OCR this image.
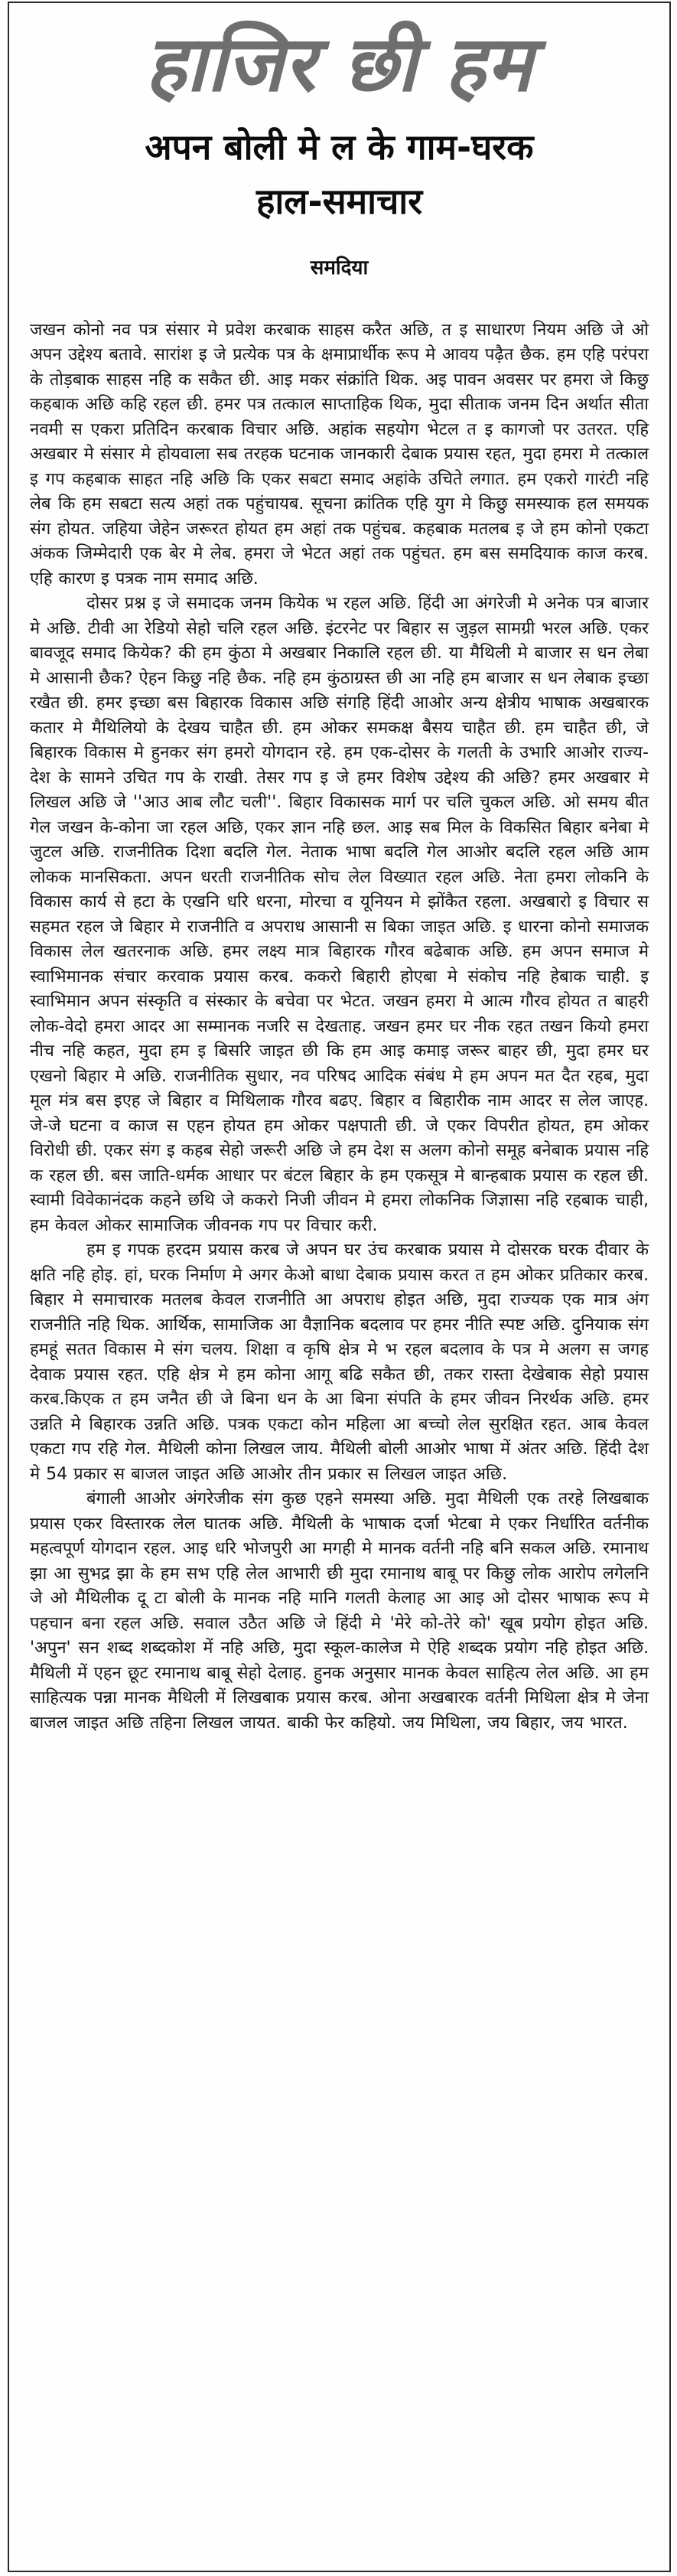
हाजिर छी हम
अपन बोली मे ल के गाम-घरक
हाल-समाचार
समदिया

जखन कोनो नव पत्र संसार मे प्रवेश करबाक साहस करैत अछि, त इ साधारण नियम अछि जे ओ अपन उद्देश्य बतावे. सारांश इ जे प्रत्येक पत्र के क्षमाप्रार्थीक रूप मे आवय पढ़ैत छैक. हम एहि परंपरा के तोड़बाक साहस नहि क सकैत छी. आइ मकर संक्रांति थिक. अइ पावन अवसर पर हमरा जे किछु कहबाक अछि कहि रहल छी. हमर पत्र तत्काल साप्ताहिक थिक, मुदा सीताक जनम दिन अर्थात सीता नवमी स एकरा प्रतिदिन करबाक विचार अछि. अहांक सहयोग भेटल त इ कागजो पर उतरत. एहि अखबार मे संसार मे होयवाला सब तरहक घटनाक जानकारी देबाक प्रयास रहत, मुदा हमरा मे तत्काल इ गप कहबाक साहत नहि अछि कि एकर सबटा समाद अहांके उचिते लगात. हम एकरो गारंटी नहि लेब कि हम सबटा सत्य अहां तक पहुंचायब. सूचना क्रांतिक एहि युग मे किछु समस्याक हल समयक संग होयत. जहिया जेहेन जरूरत होयत हम अहां तक पहुंचब. कहबाक मतलब इ जे हम कोनो एकटा अंकक जिम्मेदारी एक बेर मे लेब. हमरा जे भेटत अहां तक पहुंचत. हम बस समदियाक काज करब. एहि कारण इ पत्रक नाम समाद अछि.

दोसर प्रश्न इ जे समादक जनम कियेक भ रहल अछि. हिंदी आ अंगरेजी मे अनेक पत्र बाजार मे अछि. टीवी आ रेडियो सेहो चलि रहल अछि. इंटरनेट पर बिहार स जुड़ल सामग्री भरल अछि. एकर बावजूद समाद कियेक? की हम कुंठा मे अखबार निकालि रहल छी. या मैथिली मे बाजार स धन लेबा मे आसानी छैक? ऐहन किछु नहि छैक. नहि हम कुंठाग्रस्त छी आ नहि हम बाजार स धन लेबाक इच्छा रखैत छी. हमर इच्छा बस बिहारक विकास अछि संगहि हिंदी आओर अन्य क्षेत्रीय भाषाक अखबारक कतार मे मैथिलियो के देखय चाहैत छी. हम ओकर समकक्ष बैसय चाहैत छी. हम चाहैत छी, जे बिहारक विकास मे हुनकर संग हमरो योगदान रहे. हम एक-दोसर के गलती के उभारि आओर राज्य-देश के सामने उचित गप के राखी. तेसर गप इ जे हमर विशेष उद्देश्य की अछि? हमर अखबार मे लिखल अछि जे ''आउ आब लौट चली''. बिहार विकासक मार्ग पर चलि चुकल अछि. ओ समय बीत गेल जखन के-कोना जा रहल अछि, एकर ज्ञान नहि छल. आइ सब मिल के विकसित बिहार बनेबा मे जुटल अछि. राजनीतिक दिशा बदलि गेल. नेताक भाषा बदलि गेल आओर बदलि रहल अछि आम लोकक मानसिकता. अपन धरती राजनीतिक सोच लेल विख्यात रहल अछि. नेता हमरा लोकनि के विकास कार्य से हटा के एखनि धरि धरना, मोरचा व यूनियन मे झोंकैत रहला. अखबारो इ विचार स सहमत रहल जे बिहार मे राजनीति व अपराध आसानी स बिका जाइत अछि. इ धारना कोनो समाजक विकास लेल खतरनाक अछि. हमर लक्ष्य मात्र बिहारक गौरव बढेबाक अछि. हम अपन समाज मे स्वाभिमानक संचार करवाक प्रयास करब. ककरो बिहारी होएबा मे संकोच नहि हेबाक चाही. इ स्वाभिमान अपन संस्कृति व संस्कार के बचेवा पर भेटत. जखन हमरा मे आत्म गौरव होयत त बाहरी लोक-वेदो हमरा आदर आ सम्मानक नजरि स देखताह. जखन हमर घर नीक रहत तखन कियो हमरा नीच नहि कहत, मुदा हम इ बिसरि जाइत छी कि हम आइ कमाइ जरूर बाहर छी, मुदा हमर घर एखनो बिहार मे अछि. राजनीतिक सुधार, नव परिषद आदिक संबंध मे हम अपन मत दैत रहब, मुदा मूल मंत्र बस इएह जे बिहार व मिथिलाक गौरव बढए. बिहार व बिहारीक नाम आदर स लेल जाएह. जे-जे घटना व काज स एहन होयत हम ओकर पक्षपाती छी. जे एकर विपरीत होयत, हम ओकर विरोधी छी. एकर संग इ कहब सेहो जरूरी अछि जे हम देश स अलग कोनो समूह बनेबाक प्रयास नहि क रहल छी. बस जाति-धर्मक आधार पर बंटल बिहार के हम एकसूत्र मे बान्हबाक प्रयास क रहल छी. स्वामी विवेकानंदक कहने छथि जे ककरो निजी जीवन मे हमरा लोकनिक जिज्ञासा नहि रहबाक चाही, हम केवल ओकर सामाजिक जीवनक गप पर विचार करी.

हम इ गपक हरदम प्रयास करब जे अपन घर उंच करबाक प्रयास मे दोसरक घरक दीवार के क्षति नहि होइ. हां, घरक निर्माण मे अगर केओ बाधा देबाक प्रयास करत त हम ओकर प्रतिकार करब. बिहार मे समाचारक मतलब केवल राजनीति आ अपराध होइत अछि, मुदा राज्यक एक मात्र अंग राजनीति नहि थिक. आर्थिक, सामाजिक आ वैज्ञानिक बदलाव पर हमर नीति स्पष्ट अछि. दुनियाक संग हमहूं सतत विकास मे संग चलय. शिक्षा व कृषि क्षेत्र मे भ रहल बदलाव के पत्र मे अलग स जगह देवाक प्रयास रहत. एहि क्षेत्र मे हम कोना आगू बढि सकैत छी, तकर रास्ता देखेबाक सेहो प्रयास करब.किएक त हम जनैत छी जे बिना धन के आ बिना संपति के हमर जीवन निरर्थक अछि. हमर उन्नति मे बिहारक उन्नति अछि. पत्रक एकटा कोन महिला आ बच्चो लेल सुरक्षित रहत. आब केवल एकटा गप रहि गेल. मैथिली कोना लिखल जाय. मैथिली बोली आओर भाषा में अंतर अछि. हिंदी देश मे 54 प्रकार स बाजल जाइत अछि आओर तीन प्रकार स लिखल जाइत अछि.

बंगाली आओर अंगरेजीक संग कुछ एहने समस्या अछि. मुदा मैथिली एक तरहे लिखबाक प्रयास एकर विस्तारक लेल घातक अछि. मैथिली के भाषाक दर्जा भेटबा मे एकर निर्धारित वर्तनीक महत्वपूर्ण योगदान रहल. आइ धरि भोजपुरी आ मगही मे मानक वर्तनी नहि बनि सकल अछि. रमानाथ झा आ सुभद्र झा के हम सभ एहि लेल आभारी छी मुदा रमानाथ बाबू पर किछु लोक आरोप लगेलनि जे ओ मैथिलीक दू टा बोली के मानक नहि मानि गलती केलाह आ आइ ओ दोसर भाषाक रूप मे पहचान बना रहल अछि. सवाल उठैत अछि जे हिंदी मे 'मेरे को-तेरे को' खूब प्रयोग होइत अछि. 'अपुन' सन शब्द शब्दकोश में नहि अछि, मुदा स्कूल-कालेज मे ऐहि शब्दक प्रयोग नहि होइत अछि. मैथिली में एहन छूट रमानाथ बाबू सेहो देलाह. हुनक अनुसार मानक केवल साहित्य लेल अछि. आ हम साहित्यक पन्ना मानक मैथिली में लिखबाक प्रयास करब. ओना अखबारक वर्तनी मिथिला क्षेत्र मे जेना बाजल जाइत अछि तहिना लिखल जायत. बाकी फेर कहियो. जय मिथिला, जय बिहार, जय भारत.
